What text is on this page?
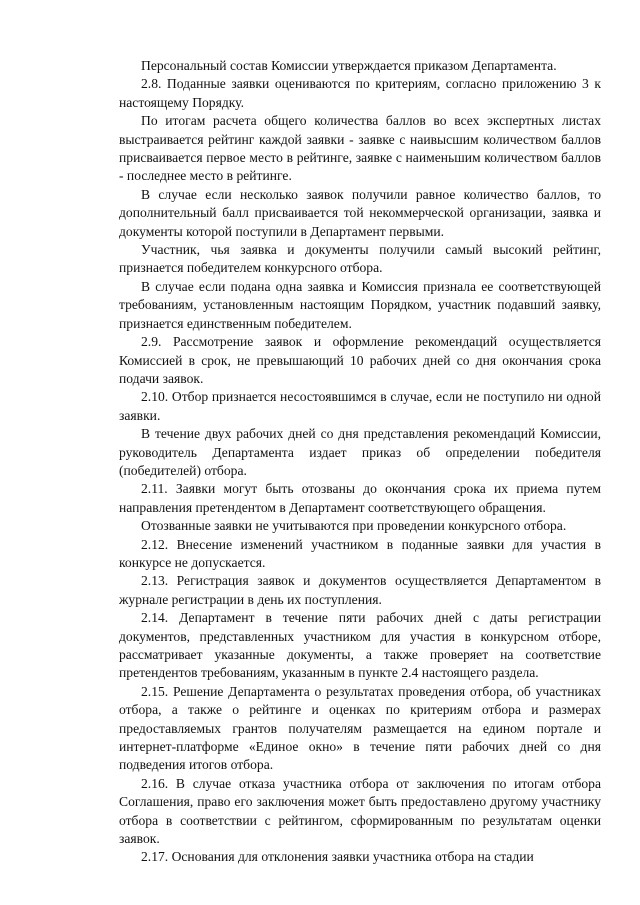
Персональный состав Комиссии утверждается приказом Департамента.

2.8. Поданные заявки оцениваются по критериям, согласно приложению 3 к настоящему Порядку.

По итогам расчета общего количества баллов во всех экспертных листах выстраивается рейтинг каждой заявки - заявке с наивысшим количеством баллов присваивается первое место в рейтинге, заявке с наименьшим количеством баллов - последнее место в рейтинге.

В случае если несколько заявок получили равное количество баллов, то дополнительный балл присваивается той некоммерческой организации, заявка и документы которой поступили в Департамент первыми.

Участник, чья заявка и документы получили самый высокий рейтинг, признается победителем конкурсного отбора.

В случае если подана одна заявка и Комиссия признала ее соответствующей требованиям, установленным настоящим Порядком, участник подавший заявку, признается единственным победителем.

2.9. Рассмотрение заявок и оформление рекомендаций осуществляется Комиссией в срок, не превышающий 10 рабочих дней со дня окончания срока подачи заявок.

2.10. Отбор признается несостоявшимся в случае, если не поступило ни одной заявки.

В течение двух рабочих дней со дня представления рекомендаций Комиссии, руководитель Департамента издает приказ об определении победителя (победителей) отбора.

2.11. Заявки могут быть отозваны до окончания срока их приема путем направления претендентом в Департамент соответствующего обращения.

Отозванные заявки не учитываются при проведении конкурсного отбора.

2.12. Внесение изменений участником в поданные заявки для участия в конкурсе не допускается.

2.13. Регистрация заявок и документов осуществляется Департаментом в журнале регистрации в день их поступления.

2.14. Департамент в течение пяти рабочих дней с даты регистрации документов, представленных участником для участия в конкурсном отборе, рассматривает указанные документы, а также проверяет на соответствие претендентов требованиям, указанным в пункте 2.4 настоящего раздела.

2.15. Решение Департамента о результатах проведения отбора, об участниках отбора, а также о рейтинге и оценках по критериям отбора и размерах предоставляемых грантов получателям размещается на едином портале и интернет-платформе «Единое окно» в течение пяти рабочих дней со дня подведения итогов отбора.

2.16. В случае отказа участника отбора от заключения по итогам отбора Соглашения, право его заключения может быть предоставлено другому участнику отбора в соответствии с рейтингом, сформированным по результатам оценки заявок.

2.17. Основания для отклонения заявки участника отбора на стадии
